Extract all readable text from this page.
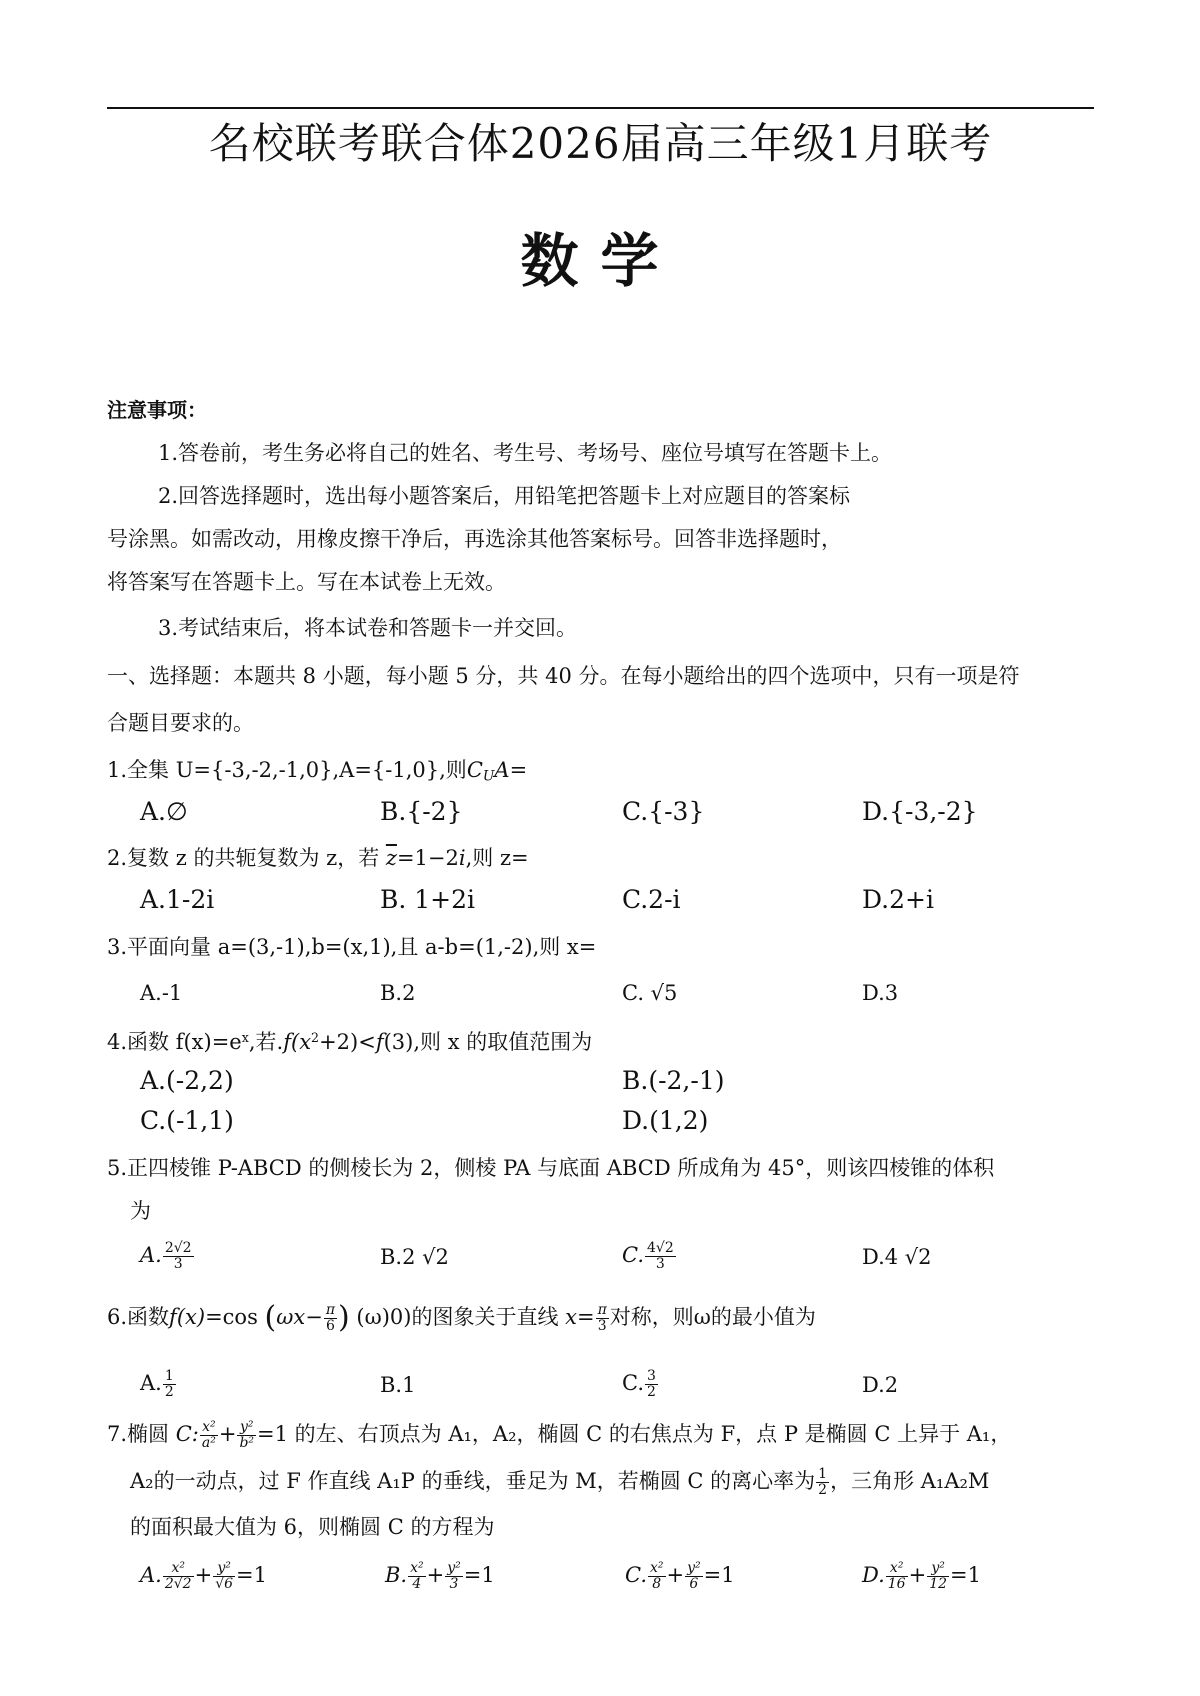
名校联考联合体2026届高三年级1月联考
数学
注意事项：
1.答卷前，考生务必将自己的姓名、考生号、考场号、座位号填写在答题卡上。
2.回答选择题时，选出每小题答案后，用铅笔把答题卡上对应题目的答案标
号涂黑。如需改动，用橡皮擦干净后，再选涂其他答案标号。回答非选择题时，
将答案写在答题卡上。写在本试卷上无效。
3.考试结束后，将本试卷和答题卡一并交回。
一、选择题：本题共 8 小题，每小题 5 分，共 40 分。在每小题给出的四个选项中，只有一项是符
合题目要求的。
1.全集 U={-3,-2,-1,0},A={-1,0},则$C_UA=$
A.∅	B.{-2}	C.{-3}	D.{-3,-2}
2.复数 z 的共轭复数为 z，若 $\overline{z}=1-2i$,则 z=
A.1-2i	B. 1+2i	C.2-i	D.2+i
3.平面向量 a=(3,-1),b=(x,1),且 a-b=(1,-2),则 x=
A.-1	B.2	C. √5	D.3
4.函数 $f(x)=e^x$,若$.f(x^2+2)<f(3)$,则 x 的取值范围为
A.(-2,2)	B.(-2,-1)
C.(-1,1)	D.(1,2)
5.正四棱锥 P-ABCD 的侧棱长为 2，侧棱 PA 与底面 ABCD 所成角为 45°，则该四棱锥的体积
为
A. $\frac{2√2}{3}$	B.2 √2	C. $\frac{4√2}{3}$	D.4 √2
6.函数f(x)=cos ($\omega x- \frac{\pi}{6}$ ) (ω)0)的图象关于直线 $x= \frac{\pi}{3}$ 对称，则ω的最小值为
A. $\frac{1}{2}$	B.1	C. $\frac{3}{2}$	D.2
7.椭圆 C: $\frac{\text{x²}}{\text{a²}} + \frac{\text{y²}}{\text{b²}} =1$ 的左、右顶点为 A₁，A₂，椭圆 C 的右焦点为 F，点 P 是椭圆 C 上异于 A₁，
A₂的一动点，过 F 作直线 A₁P 的垂线，垂足为 M，若椭圆 C 的离心率为 $\frac{1}{2}$ ，三角形 A₁A₂M
的面积最大值为 6，则椭圆 C 的方程为
A. $\frac{\text{x²}}{2√2} + \frac{\text{y²}}{√6} =1$	B. $\frac{\text{x²}}{4} + \frac{\text{y²}}{3} =1$	C. $\frac{\text{x²}}{8} + \frac{\text{y²}}{6} =1$	D. $\frac{\text{x²}}{16} + \frac{\text{y²}}{12} =1$
